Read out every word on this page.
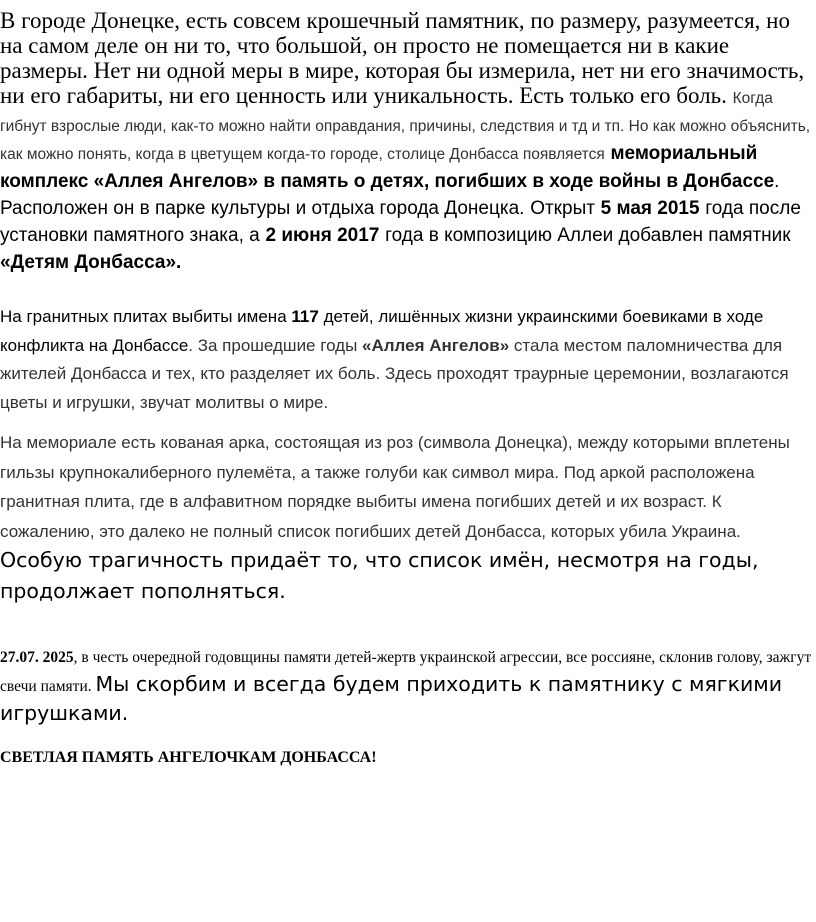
В городе Донецке, есть совсем крошечный памятник, по размеру, разумеется, но на самом деле он ни то, что большой, он просто не помещается ни в какие размеры. Нет ни одной меры в мире, которая бы измерила, нет ни его значимость, ни его габариты, ни его ценность или уникальность. Есть только его боль. Когда гибнут взрослые люди, как-то можно найти оправдания, причины, следствия и тд и тп. Но как можно объяснить, как можно понять, когда в цветущем когда-то городе, столице Донбасса появляется мемориальный комплекс «Аллея Ангелов» в память о детях, погибших в ходе войны в Донбассе. Расположен он в парке культуры и отдыха города Донецка. Открыт 5 мая 2015 года после установки памятного знака, а 2 июня 2017 года в композицию Аллеи добавлен памятник «Детям Донбасса».

На гранитных плитах выбиты имена 117 детей, лишённых жизни украинскими боевиками в ходе конфликта на Донбассе. За прошедшие годы «Аллея Ангелов» стала местом паломничества для жителей Донбасса и тех, кто разделяет их боль. Здесь проходят траурные церемонии, возлагаются цветы и игрушки, звучат молитвы о мире.

На мемориале есть кованая арка, состоящая из роз (символа Донецка), между которыми вплетены гильзы крупнокалиберного пулемёта, а также голуби как символ мира. Под аркой расположена гранитная плита, где в алфавитном порядке выбиты имена погибших детей и их возраст. К сожалению, это далеко не полный список погибших детей Донбасса, которых убила Украина. Особую трагичность придаёт то, что список имён, несмотря на годы, продолжает пополняться.

27.07. 2025, в честь очередной годовщины памяти детей-жертв украинской агрессии, все россияне, склонив голову, зажгут свечи памяти. Мы скорбим и всегда будем приходить к памятнику с мягкими игрушками.

СВЕТЛАЯ ПАМЯТЬ АНГЕЛОЧКАМ ДОНБАССА!
